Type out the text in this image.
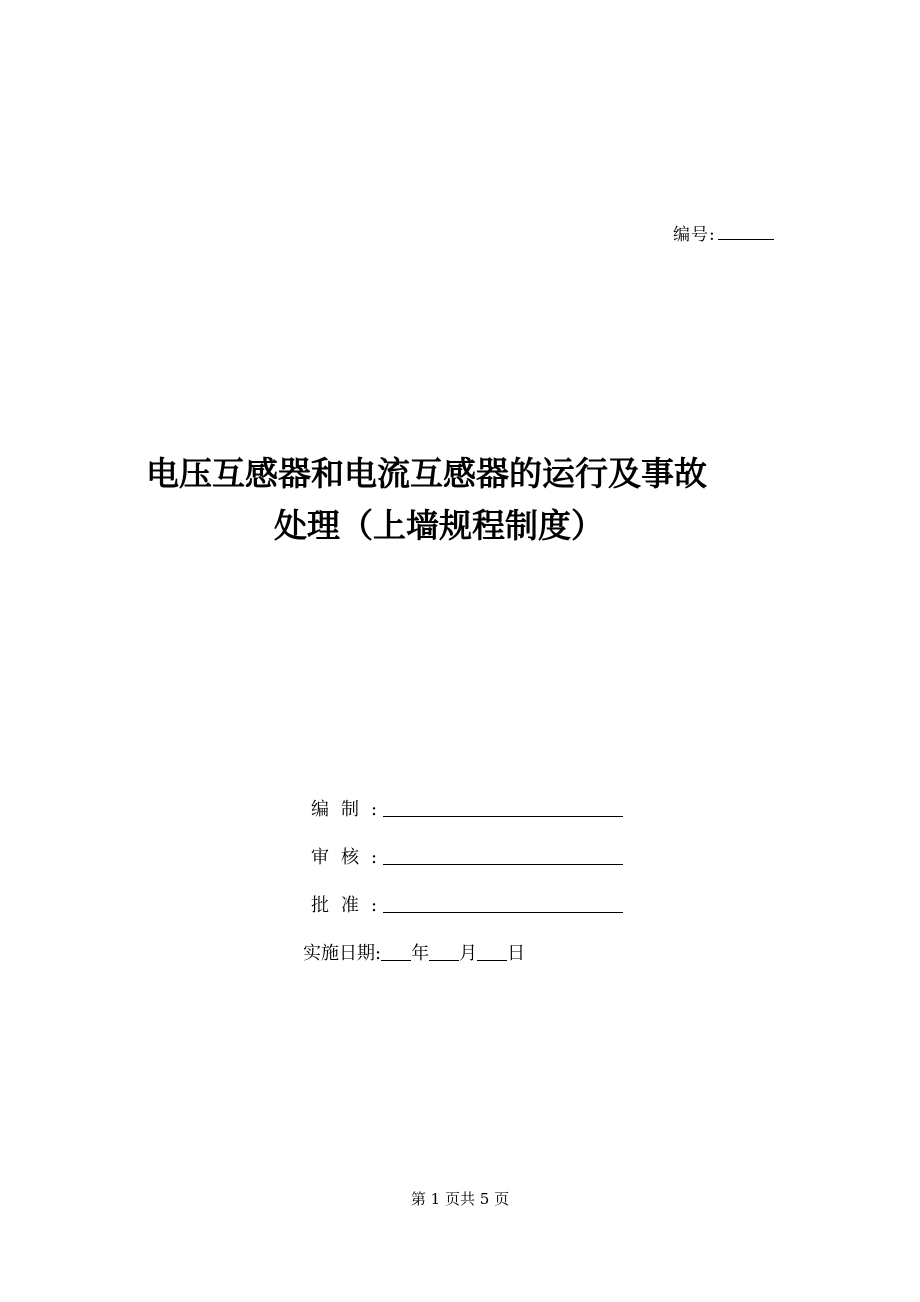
编号:
电压互感器和电流互感器的运行及事故
处理（上墙规程制度）
编制:
审核:
批准:
实施日期: 年 月 日
第 1 页共 5 页
